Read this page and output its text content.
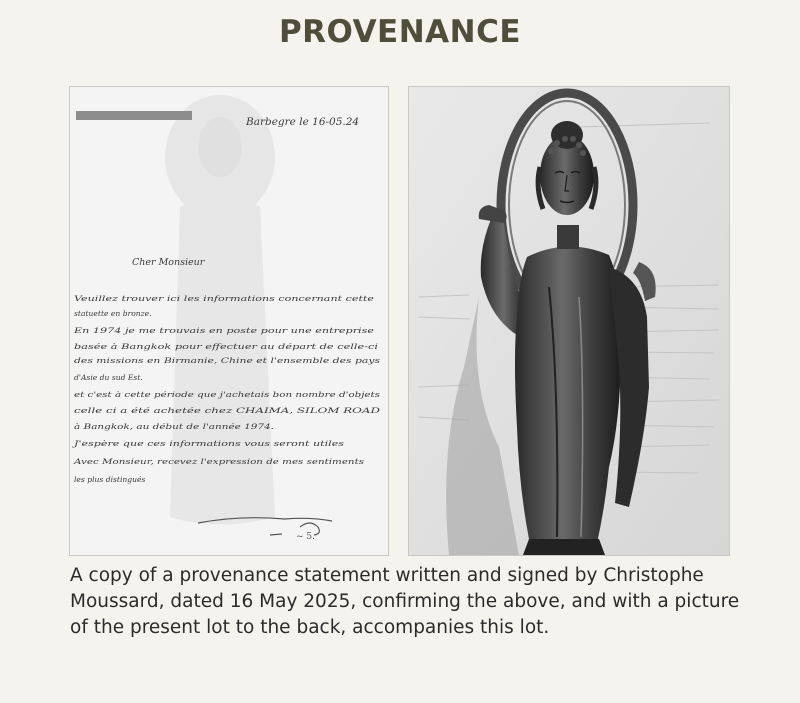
PROVENANCE
Barbegre le 16-05.24
Cher Monsieur
Veuillez trouver ici les informations concernant cette
statuette en bronze.
En 1974 je me trouvais en poste pour une entreprise
basée à Bangkok pour effectuer au départ de celle-ci
des missions en Birmanie, Chine et l'ensemble des pays
d'Asie du sud Est.
et c'est à cette période que j'achetais bon nombre d'objets
celle ci a été achetée chez CHAIMA, SILOM ROAD
à Bangkok, au début de l'année 1974.
J'espère que ces informations vous seront utiles
Avec Monsieur, recevez l'expression de mes sentiments
les plus distingués
~ 5.

A copy of a provenance statement written and signed by Christophe Moussard, dated 16 May 2025, confirming the above, and with a picture of the present lot to the back, accompanies this lot.
